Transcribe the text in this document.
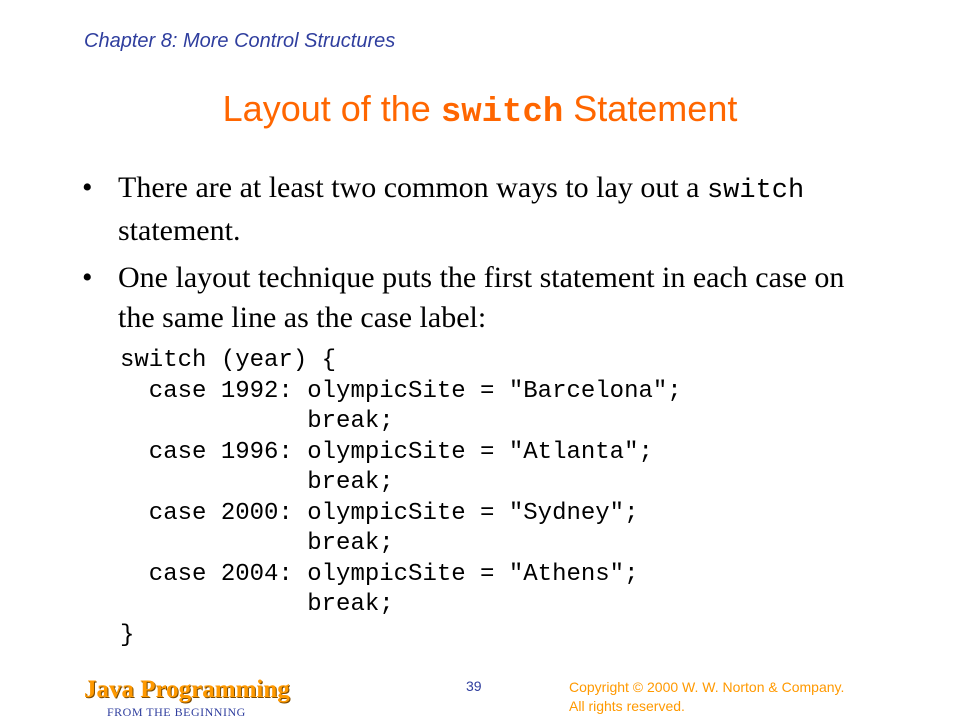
Chapter 8: More Control Structures
Layout of the switch Statement
• There are at least two common ways to lay out a switch statement.
• One layout technique puts the first statement in each case on the same line as the case label:
switch (year) {
case 1992: olympicSite = "Barcelona";
break;
case 1996: olympicSite = "Atlanta";
break;
case 2000: olympicSite = "Sydney";
break;
case 2004: olympicSite = "Athens";
break;
}
Java Programming
FROM THE BEGINNING
39	Copyright © 2000 W. W. Norton & Company.
All rights reserved.
